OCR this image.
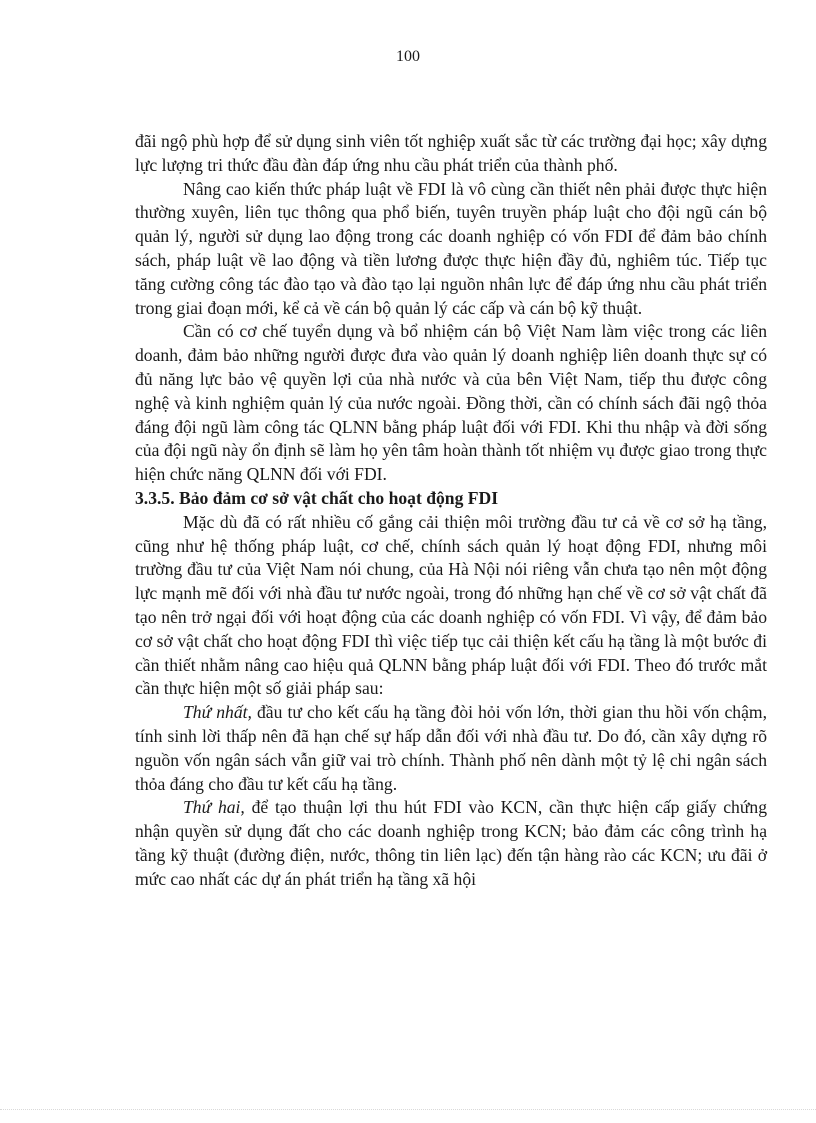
100

đãi ngộ phù hợp để sử dụng sinh viên tốt nghiệp xuất sắc từ các trường đại học; xây dựng lực lượng tri thức đầu đàn đáp ứng nhu cầu phát triển của thành phố.

Nâng cao kiến thức pháp luật về FDI là vô cùng cần thiết nên phải được thực hiện thường xuyên, liên tục thông qua phổ biến, tuyên truyền pháp luật cho đội ngũ cán bộ quản lý, người sử dụng lao động trong các doanh nghiệp có vốn FDI để đảm bảo chính sách, pháp luật về lao động và tiền lương được thực hiện đầy đủ, nghiêm túc. Tiếp tục tăng cường công tác đào tạo và đào tạo lại nguồn nhân lực để đáp ứng nhu cầu phát triển trong giai đoạn mới, kể cả về cán bộ quản lý các cấp và cán bộ kỹ thuật.

Cần có cơ chế tuyển dụng và bổ nhiệm cán bộ Việt Nam làm việc trong các liên doanh, đảm bảo những người được đưa vào quản lý doanh nghiệp liên doanh thực sự có đủ năng lực bảo vệ quyền lợi của nhà nước và của bên Việt Nam, tiếp thu được công nghệ và kinh nghiệm quản lý của nước ngoài. Đồng thời, cần có chính sách đãi ngộ thỏa đáng đội ngũ làm công tác QLNN bằng pháp luật đối với FDI. Khi thu nhập và đời sống của đội ngũ này ổn định sẽ làm họ yên tâm hoàn thành tốt nhiệm vụ được giao trong thực hiện chức năng QLNN đối với FDI.

3.3.5. Bảo đảm cơ sở vật chất cho hoạt động FDI

Mặc dù đã có rất nhiều cố gắng cải thiện môi trường đầu tư cả về cơ sở hạ tầng, cũng như hệ thống pháp luật, cơ chế, chính sách quản lý hoạt động FDI, nhưng môi trường đầu tư của Việt Nam nói chung, của Hà Nội nói riêng vẫn chưa tạo nên một động lực mạnh mẽ đối với nhà đầu tư nước ngoài, trong đó những hạn chế về cơ sở vật chất đã tạo nên trở ngại đối với hoạt động của các doanh nghiệp có vốn FDI. Vì vậy, để đảm bảo cơ sở vật chất cho hoạt động FDI thì việc tiếp tục cải thiện kết cấu hạ tầng là một bước đi cần thiết nhằm nâng cao hiệu quả QLNN bằng pháp luật đối với FDI. Theo đó trước mắt cần thực hiện một số giải pháp sau:

Thứ nhất, đầu tư cho kết cấu hạ tầng đòi hỏi vốn lớn, thời gian thu hồi vốn chậm, tính sinh lời thấp nên đã hạn chế sự hấp dẫn đối với nhà đầu tư. Do đó, cần xây dựng rõ nguồn vốn ngân sách vẫn giữ vai trò chính. Thành phố nên dành một tỷ lệ chi ngân sách thỏa đáng cho đầu tư kết cấu hạ tầng.

Thứ hai, để tạo thuận lợi thu hút FDI vào KCN, cần thực hiện cấp giấy chứng nhận quyền sử dụng đất cho các doanh nghiệp trong KCN; bảo đảm các công trình hạ tầng kỹ thuật (đường điện, nước, thông tin liên lạc) đến tận hàng rào các KCN; ưu đãi ở mức cao nhất các dự án phát triển hạ tầng xã hội
